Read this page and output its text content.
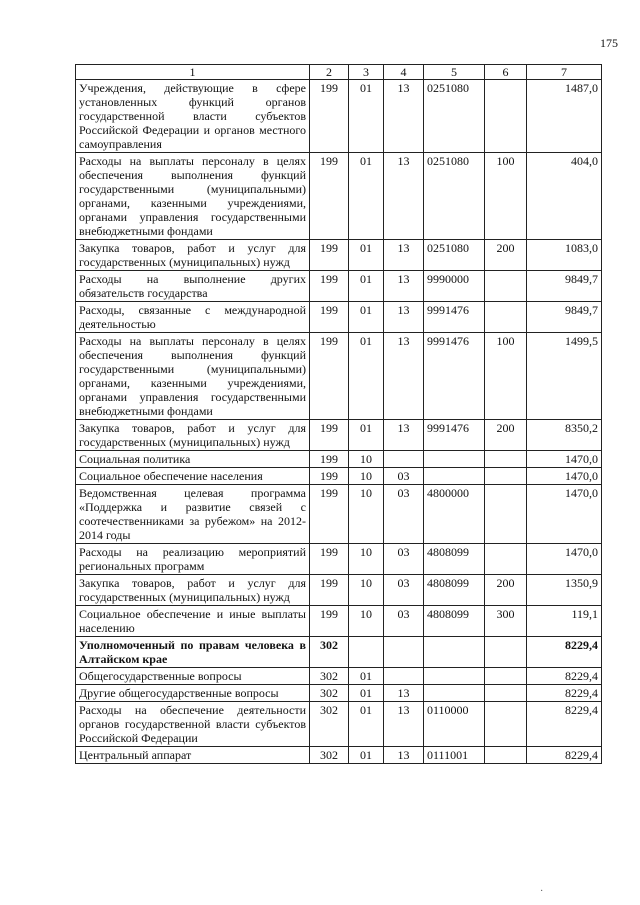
175
1	2	3	4	5	6	7
Учреждения, действующие в сфере установленных функций органов государственной власти субъектов Российской Федерации и органов местного самоуправления	199	01	13	0251080		1487,0
Расходы на выплаты персоналу в целях обеспечения выполнения функций государственными (муниципальными) органами, казенными учреждениями, органами управления государственными внебюджетными фондами	199	01	13	0251080	100	404,0
Закупка товаров, работ и услуг для государственных (муниципальных) нужд	199	01	13	0251080	200	1083,0
Расходы на выполнение других обязательств государства	199	01	13	9990000		9849,7
Расходы, связанные с международной деятельностью	199	01	13	9991476		9849,7
Расходы на выплаты персоналу в целях обеспечения выполнения функций государственными (муниципальными) органами, казенными учреждениями, органами управления государственными внебюджетными фондами	199	01	13	9991476	100	1499,5
Закупка товаров, работ и услуг для государственных (муниципальных) нужд	199	01	13	9991476	200	8350,2
Социальная политика	199	10				1470,0
Социальное обеспечение населения	199	10	03			1470,0
Ведомственная целевая программа «Поддержка и развитие связей с соотечественниками за рубежом» на 2012-2014 годы	199	10	03	4800000		1470,0
Расходы на реализацию мероприятий региональных программ	199	10	03	4808099		1470,0
Закупка товаров, работ и услуг для государственных (муниципальных) нужд	199	10	03	4808099	200	1350,9
Социальное обеспечение и иные выплаты населению	199	10	03	4808099	300	119,1
Уполномоченный по правам человека в Алтайском крае	302					8229,4
Общегосударственные вопросы	302	01				8229,4
Другие общегосударственные вопросы	302	01	13			8229,4
Расходы на обеспечение деятельности органов государственной власти субъектов Российской Федерации	302	01	13	0110000		8229,4
Центральный аппарат	302	01	13	0111001		8229,4
·
